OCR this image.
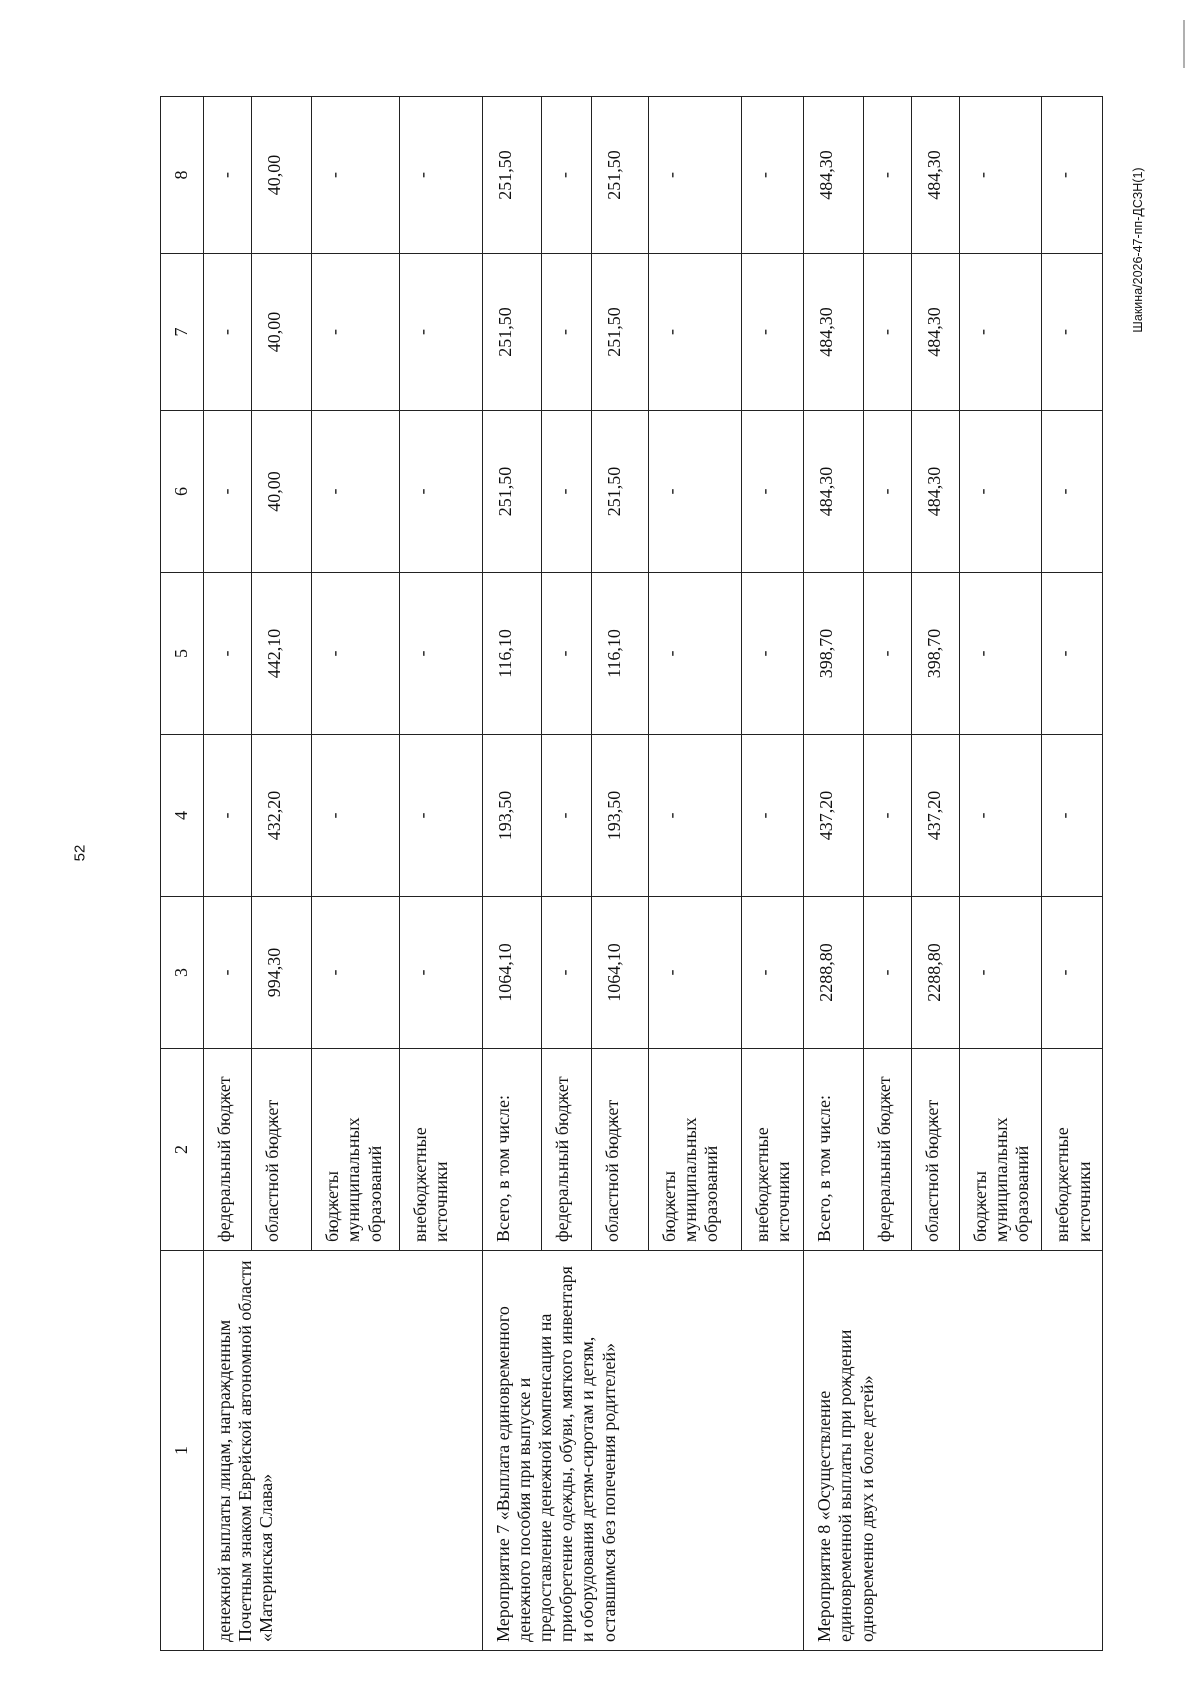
52
Шакина/2026-47-пп-ДСЗН(1)
1	2	3	4	5	6	7	8
денежной выплаты лицам, награжденным Почетным знаком Еврейской автономной области «Материнская Слава»	федеральный бюджет	-	-	-	-	-	-
	областной бюджет	994,30	432,20	442,10	40,00	40,00	40,00
	бюджеты муниципальных образований	-	-	-	-	-	-
	внебюджетные источники	-	-	-	-	-	-
Мероприятие 7 «Выплата единовременного денежного пособия при выпуске и предоставление денежной компенсации на приобретение одежды, обуви, мягкого инвентаря и оборудования детям-сиротам и детям, оставшимся без попечения родителей»	Всего, в том числе:	1064,10	193,50	116,10	251,50	251,50	251,50
	федеральный бюджет	-	-	-	-	-	-
	областной бюджет	1064,10	193,50	116,10	251,50	251,50	251,50
	бюджеты муниципальных образований	-	-	-	-	-	-
	внебюджетные источники	-	-	-	-	-	-
Мероприятие 8 «Осуществление единовременной выплаты при рождении одновременно двух и более детей»	Всего, в том числе:	2288,80	437,20	398,70	484,30	484,30	484,30
	федеральный бюджет	-	-	-	-	-	-
	областной бюджет	2288,80	437,20	398,70	484,30	484,30	484,30
	бюджеты муниципальных образований	-	-	-	-	-	-
	внебюджетные источники	-	-	-	-	-	-
